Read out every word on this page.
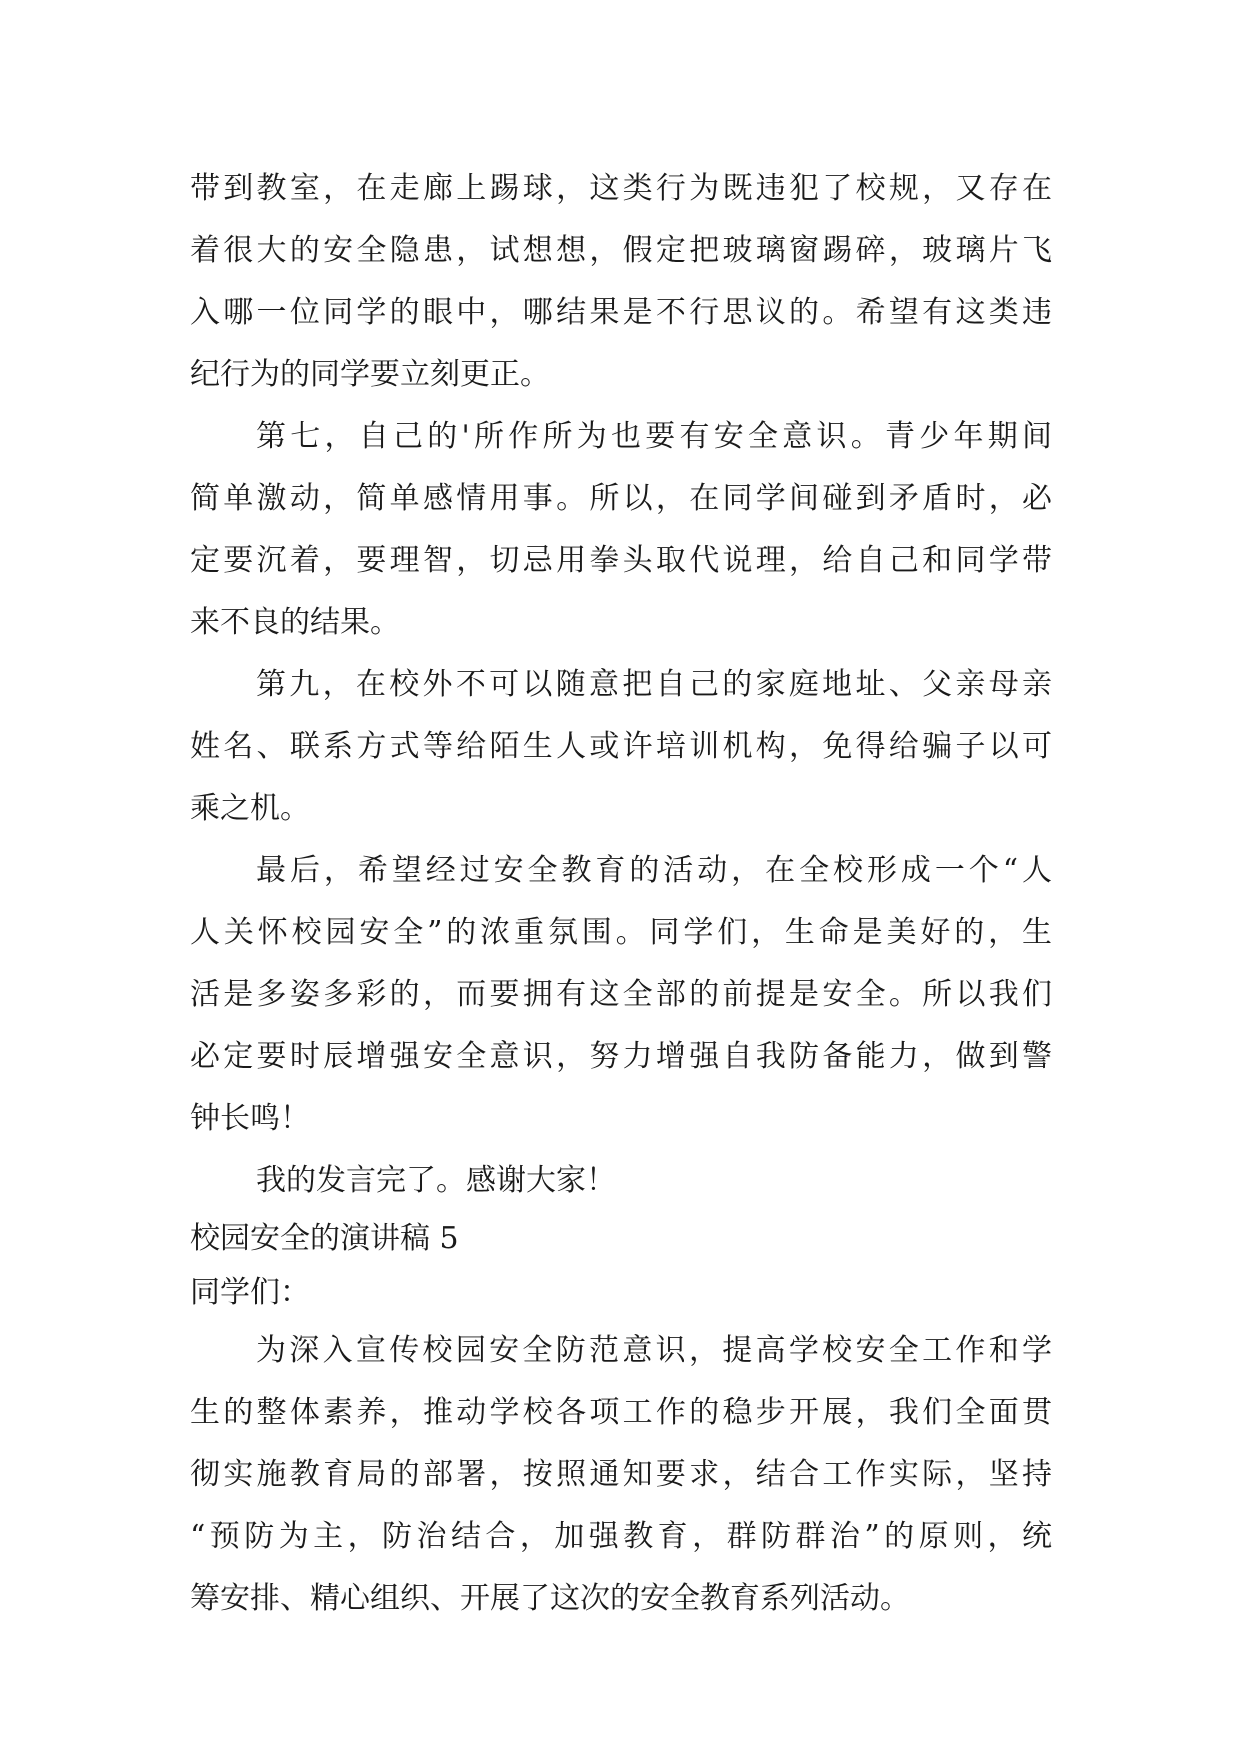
带到教室，在走廊上踢球，这类行为既违犯了校规，又存在
着很大的安全隐患，试想想，假定把玻璃窗踢碎，玻璃片飞
入哪一位同学的眼中，哪结果是不行思议的。希望有这类违
纪行为的同学要立刻更正。
第七，自己的'所作所为也要有安全意识。青少年期间
简单激动，简单感情用事。所以，在同学间碰到矛盾时，必
定要沉着，要理智，切忌用拳头取代说理，给自己和同学带
来不良的结果。
第九，在校外不可以随意把自己的家庭地址、父亲母亲
姓名、联系方式等给陌生人或许培训机构，免得给骗子以可
乘之机。
最后，希望经过安全教育的活动，在全校形成一个“人
人关怀校园安全”的浓重氛围。同学们，生命是美好的，生
活是多姿多彩的，而要拥有这全部的前提是安全。所以我们
必定要时辰增强安全意识，努力增强自我防备能力，做到警
钟长鸣！
我的发言完了。感谢大家！
校园安全的演讲稿 5
同学们：
为深入宣传校园安全防范意识，提高学校安全工作和学
生的整体素养，推动学校各项工作的稳步开展，我们全面贯
彻实施教育局的部署，按照通知要求，结合工作实际，坚持
“预防为主，防治结合，加强教育，群防群治”的原则，统
筹安排、精心组织、开展了这次的安全教育系列活动。
